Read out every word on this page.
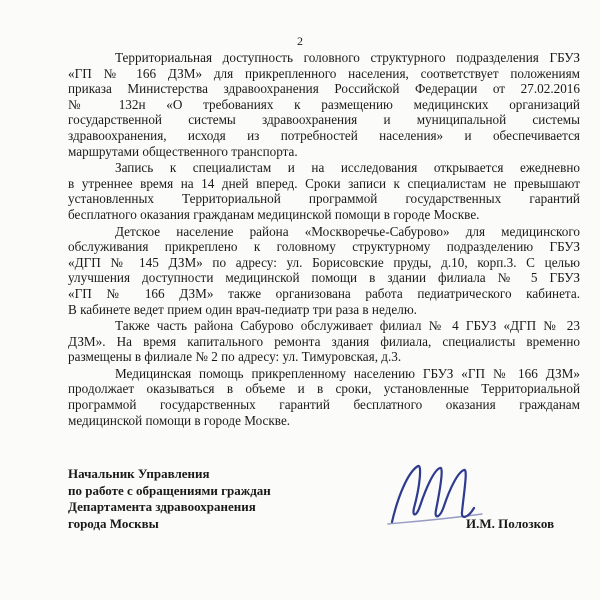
2

Территориальная доступность головного структурного подразделения ГБУЗ
«ГП № 166 ДЗМ» для прикрепленного населения, соответствует положениям
приказа Министерства здравоохранения Российской Федерации от 27.02.2016
№ 132н «О требованиях к размещению медицинских организаций
государственной системы здравоохранения и муниципальной системы
здравоохранения, исходя из потребностей населения» и обеспечивается
маршрутами общественного транспорта.

Запись к специалистам и на исследования открывается ежедневно
в утреннее время на 14 дней вперед. Сроки записи к специалистам не превышают
установленных Территориальной программой государственных гарантий
бесплатного оказания гражданам медицинской помощи в городе Москве.

Детское население района «Москворечье-Сабурово» для медицинского
обслуживания прикреплено к головному структурному подразделению ГБУЗ
«ДГП № 145 ДЗМ» по адресу: ул. Борисовские пруды, д.10, корп.3. С целью
улучшения доступности медицинской помощи в здании филиала № 5 ГБУЗ
«ГП № 166 ДЗМ» также организована работа педиатрического кабинета.
В кабинете ведет прием один врач-педиатр три раза в неделю.

Также часть района Сабурово обслуживает филиал № 4 ГБУЗ «ДГП № 23
ДЗМ». На время капитального ремонта здания филиала, специалисты временно
размещены в филиале № 2 по адресу: ул. Тимуровская, д.3.

Медицинская помощь прикрепленному населению ГБУЗ «ГП № 166 ДЗМ»
продолжает оказываться в объеме и в сроки, установленные Территориальной
программой государственных гарантий бесплатного оказания гражданам
медицинской помощи в городе Москве.

Начальник Управления

по работе с обращениями граждан

Департамента здравоохранения

города Москвы	И.М. Полозков
